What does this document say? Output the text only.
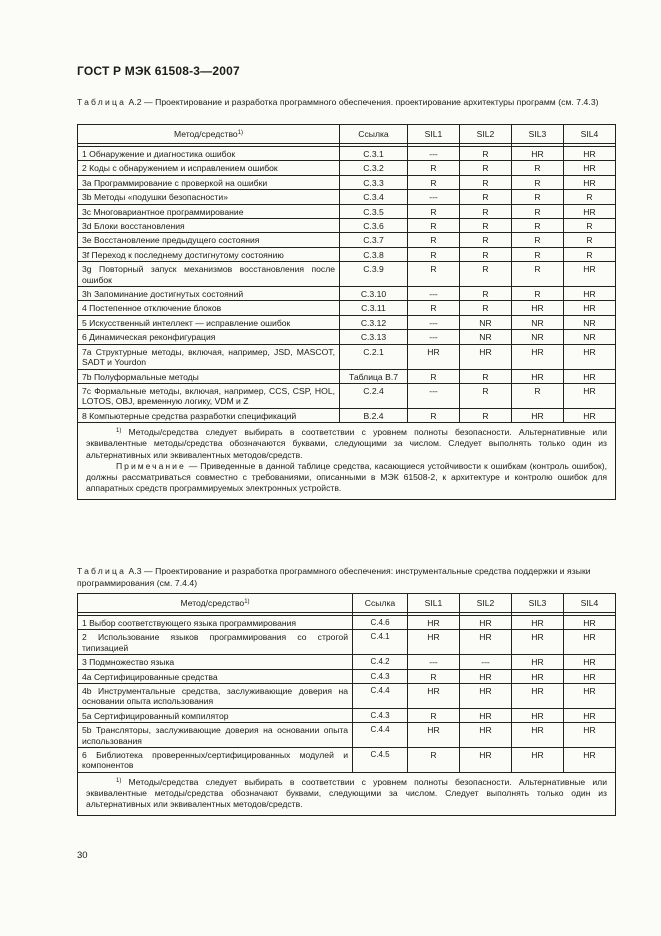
ГОСТ Р МЭК 61508-3—2007
Таблица А.2 — Проектирование и разработка программного обеспечения. проектирование архитектуры программ (см. 7.4.3)
Метод/средство$^{1)}$	Ссылка	SIL1	SIL2	SIL3	SIL4

1 Обнаружение и диагностика ошибок	C.3.1	---	R	HR	HR
2 Коды с обнаружением и исправлением ошибок	C.3.2	R	R	R	HR
3а Программирование с проверкой на ошибки	C.3.3	R	R	R	HR
3b Методы «подушки безопасности»	C.3.4	---	R	R	R
3c Многовариантное программирование	C.3.5	R	R	R	HR
3d Блоки восстановления	C.3.6	R	R	R	R
3e Восстановление предыдущего состояния	C.3.7	R	R	R	R
3f Переход к последнему достигнутому состоянию	C.3.8	R	R	R	R
3g Повторный запуск механизмов восстановления после ошибок	C.3.9	R	R	R	HR
3h Запоминание достигнутых состояний	C.3.10	---	R	R	HR
4 Постепенное отключение блоков	C.3.11	R	R	HR	HR
5 Искусственный интеллект — исправление ошибок	C.3.12	---	NR	NR	NR
6 Динамическая реконфигурация	C.3.13	---	NR	NR	NR
7a Структурные методы, включая, например, JSD, MASCOT, SADT и Yourdon	C.2.1	HR	HR	HR	HR
7b Полуформальные методы	Таблица В.7	R	R	HR	HR
7c Формальные методы, включая, например, CCS, CSP, HOL, LOTOS, OBJ, временную логику, VDM и Z	C.2.4	---	R	R	HR
8 Компьютерные средства разработки спецификаций	B.2.4	R	R	HR	HR

$^{1)}$ Методы/средства следует выбирать в соответствии с уровнем полноты безопасности. Альтернативные или эквивалентные методы/средства обозначаются буквами, следующими за числом. Следует выполнять только один из альтернативных или эквивалентных методов/средств.

Примечание — Приведенные в данной таблице средства, касающиеся устойчивости к ошибкам (контроль ошибок), должны рассматриваться совместно с требованиями, описанными в МЭК 61508-2, к архитектуре и контролю ошибок для аппаратных средств программируемых электронных устройств.					

Таблица А.3 — Проектирование и разработка программного обеспечения: инструментальные средства поддержки и языки программирования (см. 7.4.4)
Метод/средство$^{1)}$	Ссылка	SIL1	SIL2	SIL3	SIL4

1 Выбор соответствующего языка программирования	C.4.6	HR	HR	HR	HR
2 Использование языков программирования со строгой типизацией	C.4.1	HR	HR	HR	HR
3 Подмножество языка	C.4.2	---	---	HR	HR
4a Сертифицированные средства	C.4.3	R	HR	HR	HR
4b Инструментальные средства, заслуживающие доверия на основании опыта использования	C.4.4	HR	HR	HR	HR
5a Сертифицированный компилятор	C.4.3	R	HR	HR	HR
5b Трансляторы, заслуживающие доверия на основании опыта использования	C.4.4	HR	HR	HR	HR
6 Библиотека проверенных/сертифицированных модулей и компонентов	C.4.5	R	HR	HR	HR

$^{1)}$ Методы/средства следует выбирать в соответствии с уровнем полноты безопасности. Альтернативные или эквивалентные методы/средства обозначают буквами, следующими за числом. Следует выполнять только один из альтернативных или эквивалентных методов/средств.					

30
